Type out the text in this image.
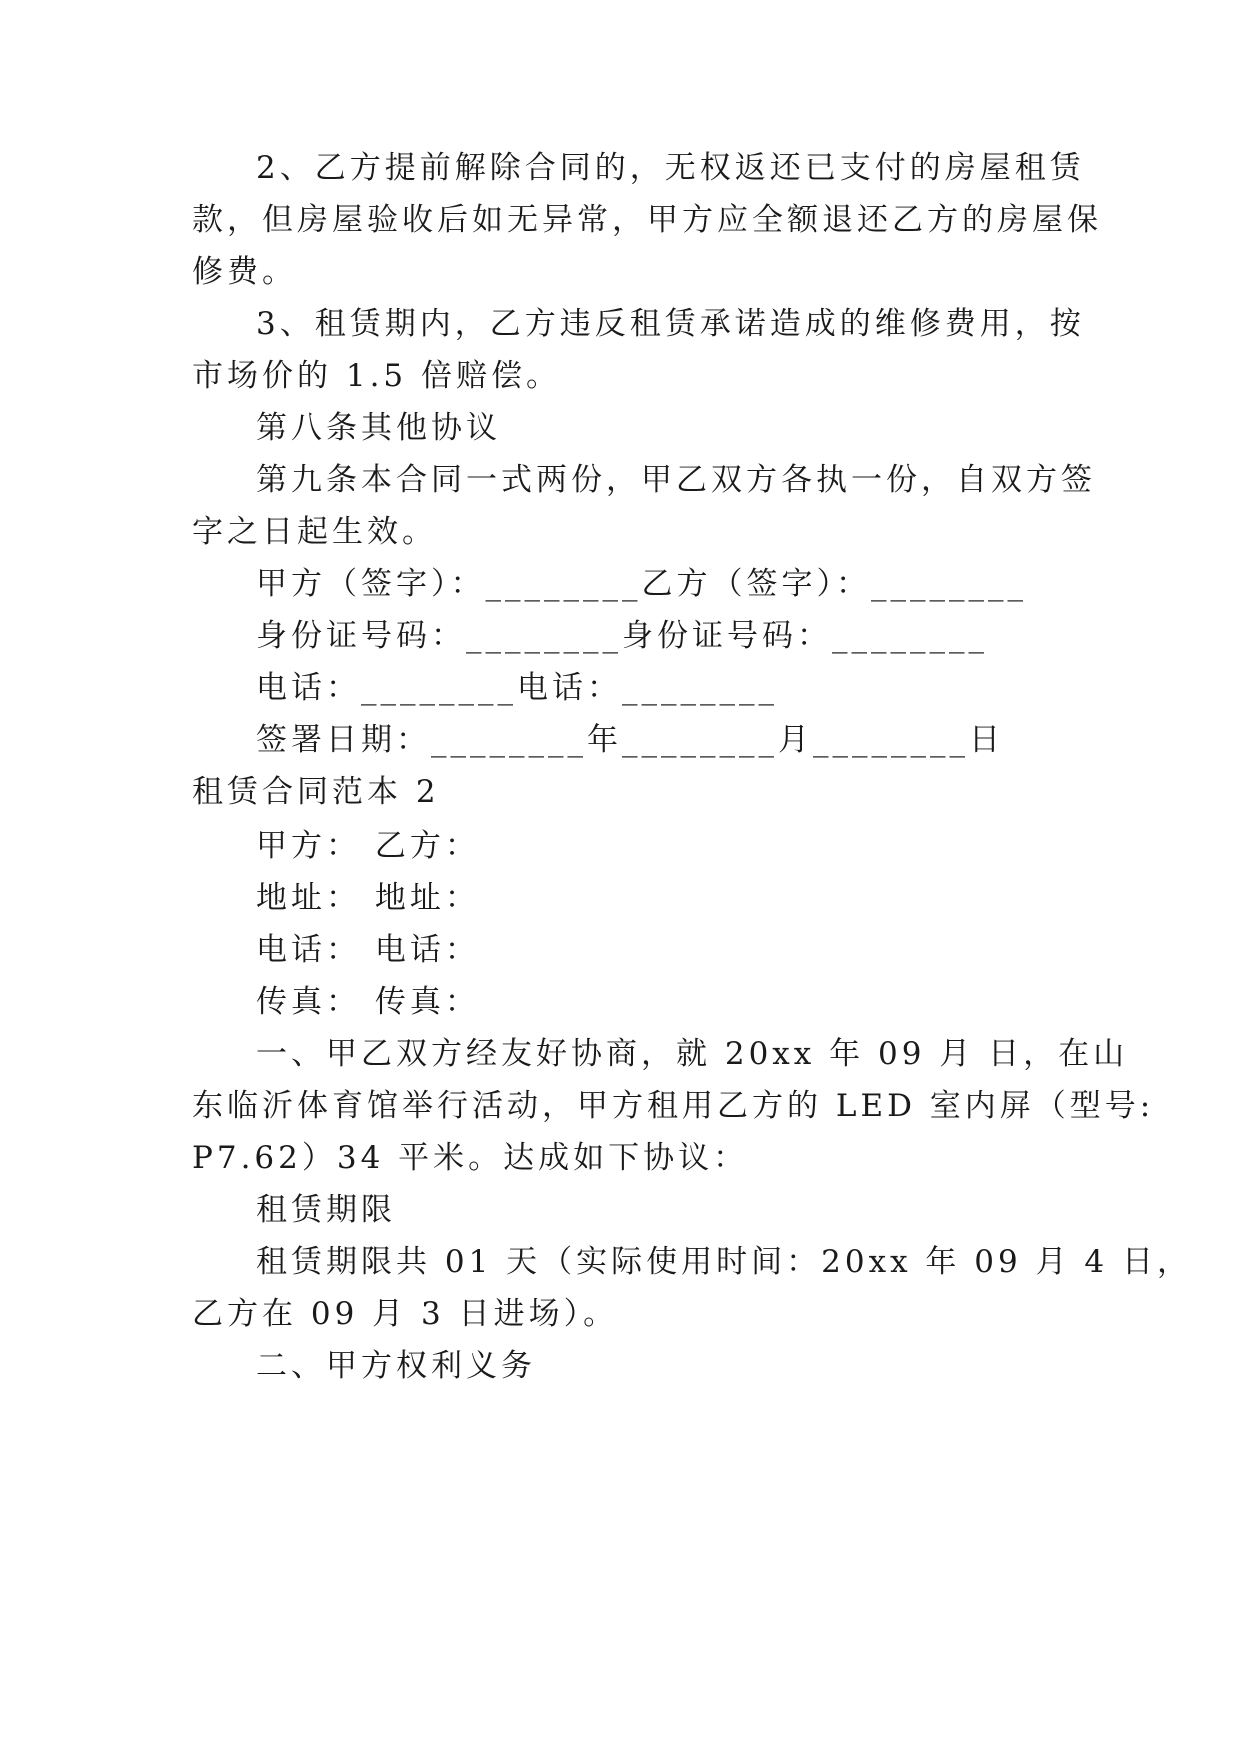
2、乙方提前解除合同的，无权返还已支付的房屋租赁
款，但房屋验收后如无异常，甲方应全额退还乙方的房屋保
修费。
3、租赁期内，乙方违反租赁承诺造成的维修费用，按
市场价的 1.5 倍赔偿。
第八条其他协议
第九条本合同一式两份，甲乙双方各执一份，自双方签
字之日起生效。
甲方（签字）：________乙方（签字）：________
身份证号码：________身份证号码：________
电话：________电话：________
签署日期：________年________月________日
租赁合同范本 2
甲方： 乙方：
地址： 地址：
电话： 电话：
传真： 传真：
一、甲乙双方经友好协商，就 20xx 年 09 月 日，在山
东临沂体育馆举行活动，甲方租用乙方的 LED 室内屏（型号:
P7.62）34 平米。达成如下协议：
租赁期限
租赁期限共 01 天（实际使用时间：20xx 年 09 月 4 日，
乙方在 09 月 3 日进场）。
二、甲方权利义务
